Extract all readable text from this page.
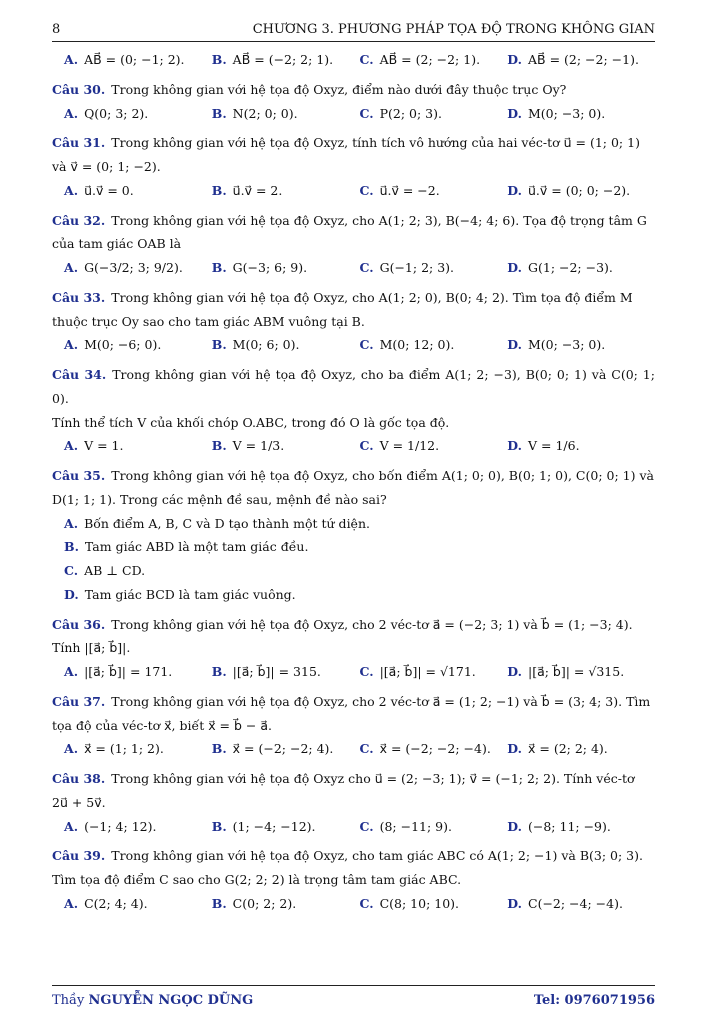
8	CHƯƠNG 3. PHƯƠNG PHÁP TỌA ĐỘ TRONG KHÔNG GIAN
A. AB⃗ = (0; −1; 2).	B. AB⃗ = (−2; 2; 1).	C. AB⃗ = (2; −2; 1).	D. AB⃗ = (2; −2; −1).
Câu 30. Trong không gian với hệ tọa độ Oxyz, điểm nào dưới đây thuộc trục Oy?
A. Q(0; 3; 2).	B. N(2; 0; 0).	C. P(2; 0; 3).	D. M(0; −3; 0).
Câu 31. Trong không gian với hệ tọa độ Oxyz, tính tích vô hướng của hai véc-tơ u⃗ = (1; 0; 1)
và v⃗ = (0; 1; −2).
A. u⃗.v⃗ = 0.	B. u⃗.v⃗ = 2.	C. u⃗.v⃗ = −2.	D. u⃗.v⃗ = (0; 0; −2).
Câu 32. Trong không gian với hệ tọa độ Oxyz, cho A(1; 2; 3), B(−4; 4; 6). Tọa độ trọng tâm G
của tam giác OAB là
A. G(−3/2; 3; 9/2).	B. G(−3; 6; 9).	C. G(−1; 2; 3).	D. G(1; −2; −3).
Câu 33. Trong không gian với hệ tọa độ Oxyz, cho A(1; 2; 0), B(0; 4; 2). Tìm tọa độ điểm M
thuộc trục Oy sao cho tam giác ABM vuông tại B.
A. M(0; −6; 0).	B. M(0; 6; 0).	C. M(0; 12; 0).	D. M(0; −3; 0).
Câu 34. Trong không gian với hệ tọa độ Oxyz, cho ba điểm A(1; 2; −3), B(0; 0; 1) và C(0; 1; 0).
Tính thể tích V của khối chóp O.ABC, trong đó O là gốc tọa độ.
A. V = 1.	B. V = 1/3.	C. V = 1/12.	D. V = 1/6.
Câu 35. Trong không gian với hệ tọa độ Oxyz, cho bốn điểm A(1; 0; 0), B(0; 1; 0), C(0; 0; 1) và
D(1; 1; 1). Trong các mệnh đề sau, mệnh đề nào sai?
A. Bốn điểm A, B, C và D tạo thành một tứ diện.
B. Tam giác ABD là một tam giác đều.
C. AB ⊥ CD.
D. Tam giác BCD là tam giác vuông.
Câu 36. Trong không gian với hệ tọa độ Oxyz, cho 2 véc-tơ a⃗ = (−2; 3; 1) và b⃗ = (1; −3; 4).
Tính |[a⃗; b⃗]|.
A. |[a⃗; b⃗]| = 171.	B. |[a⃗; b⃗]| = 315.	C. |[a⃗; b⃗]| = √171.	D. |[a⃗; b⃗]| = √315.
Câu 37. Trong không gian với hệ tọa độ Oxyz, cho 2 véc-tơ a⃗ = (1; 2; −1) và b⃗ = (3; 4; 3). Tìm
tọa độ của véc-tơ x⃗, biết x⃗ = b⃗ − a⃗.
A. x⃗ = (1; 1; 2).	B. x⃗ = (−2; −2; 4).	C. x⃗ = (−2; −2; −4).	D. x⃗ = (2; 2; 4).
Câu 38. Trong không gian với hệ tọa độ Oxyz cho u⃗ = (2; −3; 1); v⃗ = (−1; 2; 2). Tính véc-tơ
2u⃗ + 5v⃗.
A. (−1; 4; 12).	B. (1; −4; −12).	C. (8; −11; 9).	D. (−8; 11; −9).
Câu 39. Trong không gian với hệ tọa độ Oxyz, cho tam giác ABC có A(1; 2; −1) và B(3; 0; 3).
Tìm tọa độ điểm C sao cho G(2; 2; 2) là trọng tâm tam giác ABC.
A. C(2; 4; 4).	B. C(0; 2; 2).	C. C(8; 10; 10).	D. C(−2; −4; −4).
Thầy NGUYỄN NGỌC DŨNG	Tel: 0976071956
